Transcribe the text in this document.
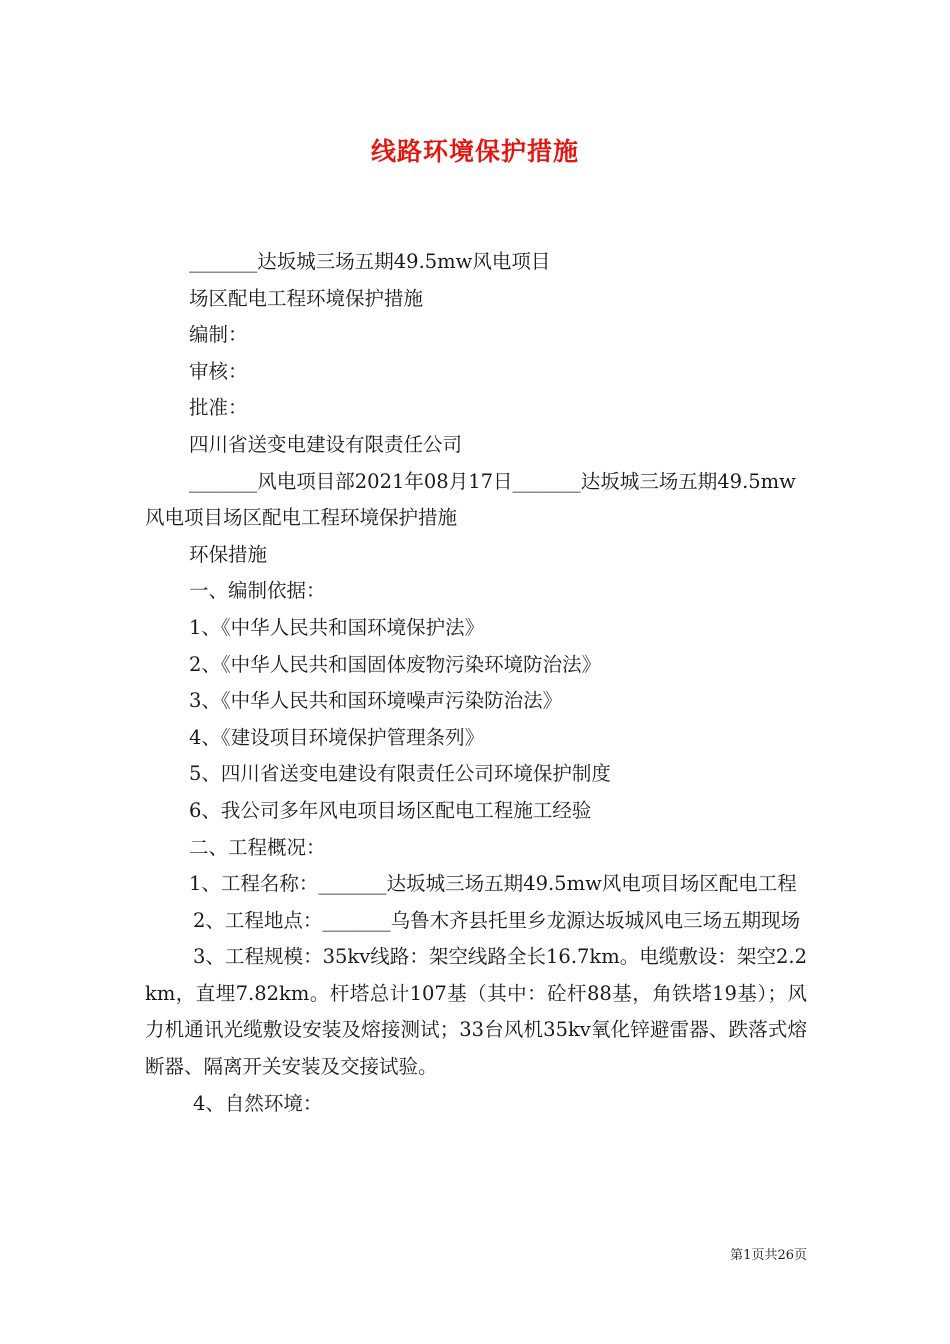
线路环境保护措施

_______达坂城三场五期49.5mw风电项目

场区配电工程环境保护措施

编制：

审核：

批准：

四川省送变电建设有限责任公司

_______风电项目部2021年08月17日_______达坂城三场五期49.5mw风电项目场区配电工程环境保护措施

环保措施

一、编制依据：

1、《中华人民共和国环境保护法》

2、《中华人民共和国固体废物污染环境防治法》

3、《中华人民共和国环境噪声污染防治法》

4、《建设项目环境保护管理条列》

5、四川省送变电建设有限责任公司环境保护制度

6、我公司多年风电项目场区配电工程施工经验

二、工程概况：

1、工程名称：_______达坂城三场五期49.5mw风电项目场区配电工程

2、工程地点：_______乌鲁木齐县托里乡龙源达坂城风电三场五期现场

3、工程规模：35kv线路：架空线路全长16.7km。电缆敷设：架空2.2km，直埋7.82km。杆塔总计107基（其中：砼杆88基，角铁塔19基）；风力机通讯光缆敷设安装及熔接测试；33台风机35kv氧化锌避雷器、跌落式熔断器、隔离开关安装及交接试验。

4、自然环境：

第1页共26页
